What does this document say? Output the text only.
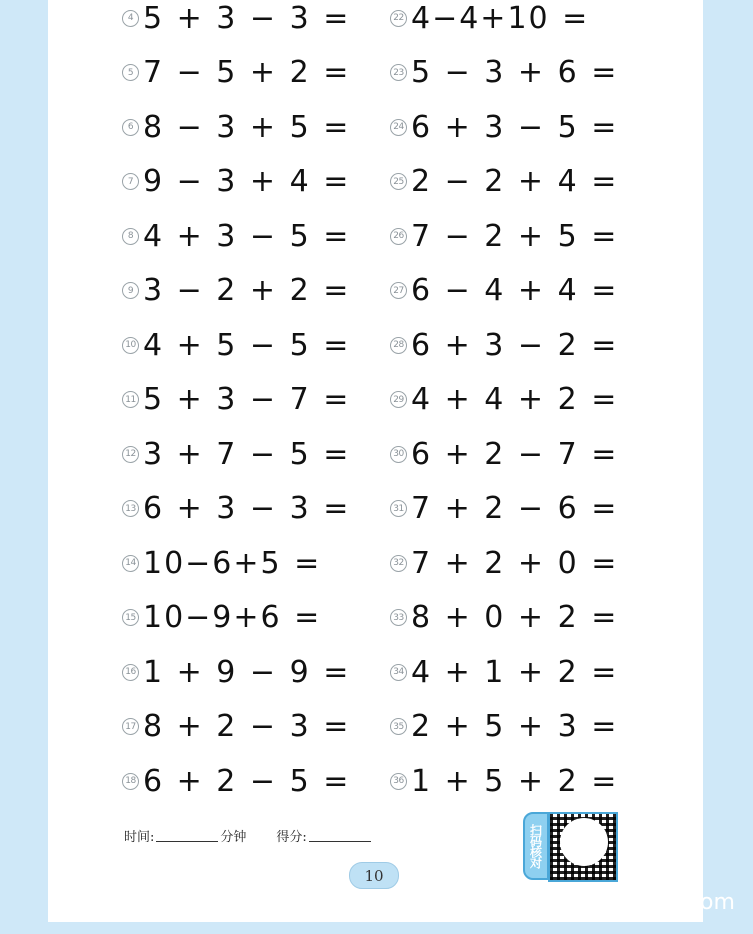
4 5 + 3 − 3 =
5 7 − 5 + 2 =
6 8 − 3 + 5 =
7 9 − 3 + 4 =
8 4 + 3 − 5 =
9 3 − 2 + 2 =
10 4 + 5 − 5 =
11 5 + 3 − 7 =
12 3 + 7 − 5 =
13 6 + 3 − 3 =
14 10−6+5 =
15 10−9+6 =
16 1 + 9 − 9 =
17 8 + 2 − 3 =
18 6 + 2 − 5 =
22 4−4+10 =
23 5 − 3 + 6 =
24 6 + 3 − 5 =
25 2 − 2 + 4 =
26 7 − 2 + 5 =
27 6 − 4 + 4 =
28 6 + 3 − 2 =
29 4 + 4 + 2 =
30 6 + 2 − 7 =
31 7 + 2 − 6 =
32 7 + 2 + 0 =
33 8 + 0 + 2 =
34 4 + 1 + 2 =
35 2 + 5 + 3 =
36 1 + 5 + 2 =
时间:	分钟 得分:
10
扫码核对
om
